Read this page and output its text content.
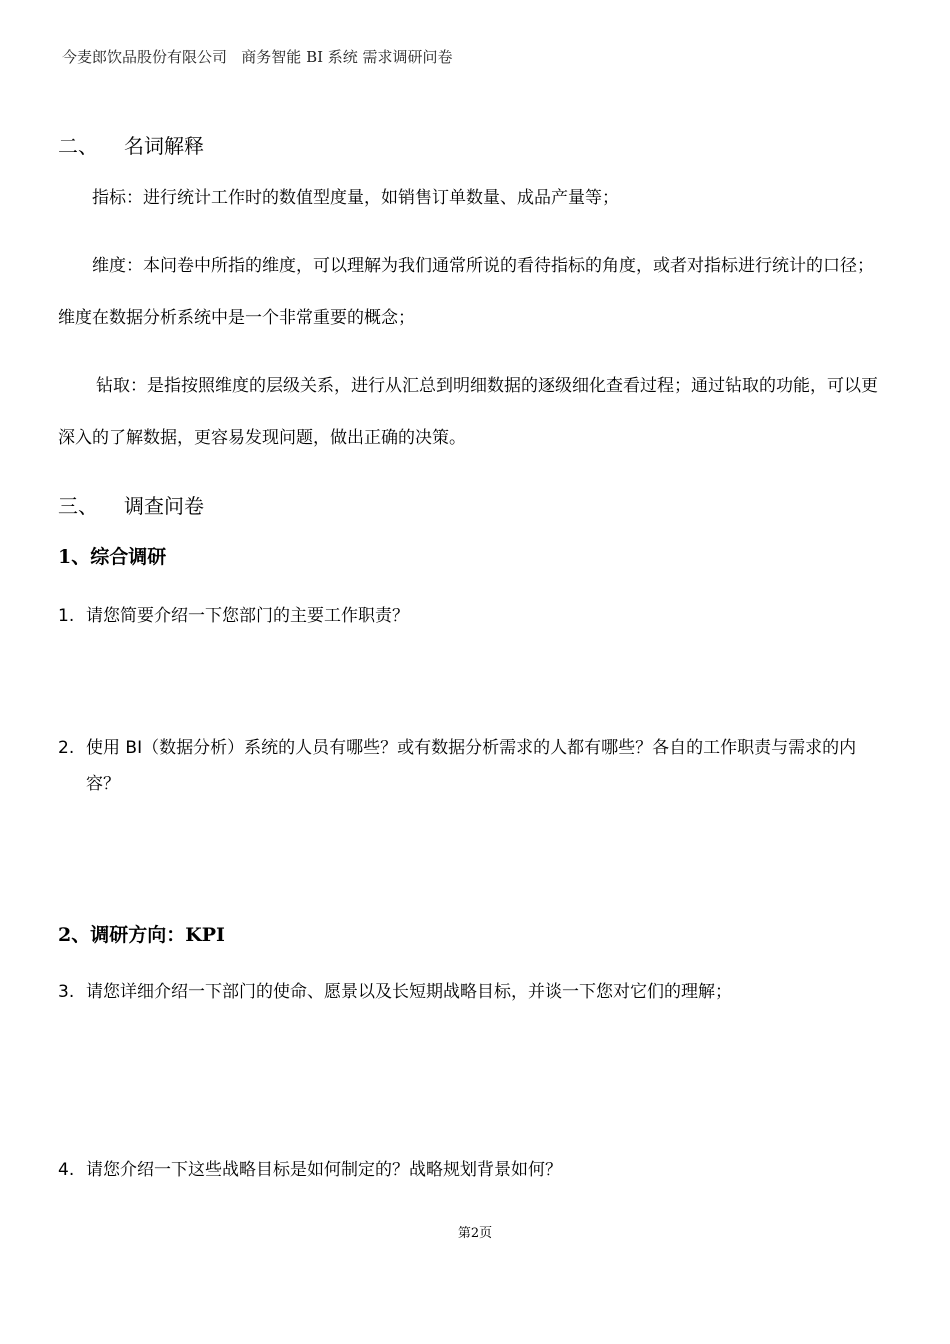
今麦郎饮品股份有限公司   商务智能 BI 系统 需求调研问卷
二、 名词解释

指标：进行统计工作时的数值型度量，如销售订单数量、成品产量等；

维度：本问卷中所指的维度，可以理解为我们通常所说的看待指标的角度，或者对指标进行统计的口径；维度在数据分析系统中是一个非常重要的概念；

钻取：是指按照维度的层级关系，进行从汇总到明细数据的逐级细化查看过程；通过钻取的功能，可以更深入的了解数据，更容易发现问题，做出正确的决策。

三、 调查问卷
1、综合调研
1. 请您简要介绍一下您部门的主要工作职责？
2. 使用 BI（数据分析）系统的人员有哪些？或有数据分析需求的人都有哪些？各自的工作职责与需求的内容？
2、调研方向：KPI
3. 请您详细介绍一下部门的使命、愿景以及长短期战略目标，并谈一下您对它们的理解；
4. 请您介绍一下这些战略目标是如何制定的？战略规划背景如何？
第2页
